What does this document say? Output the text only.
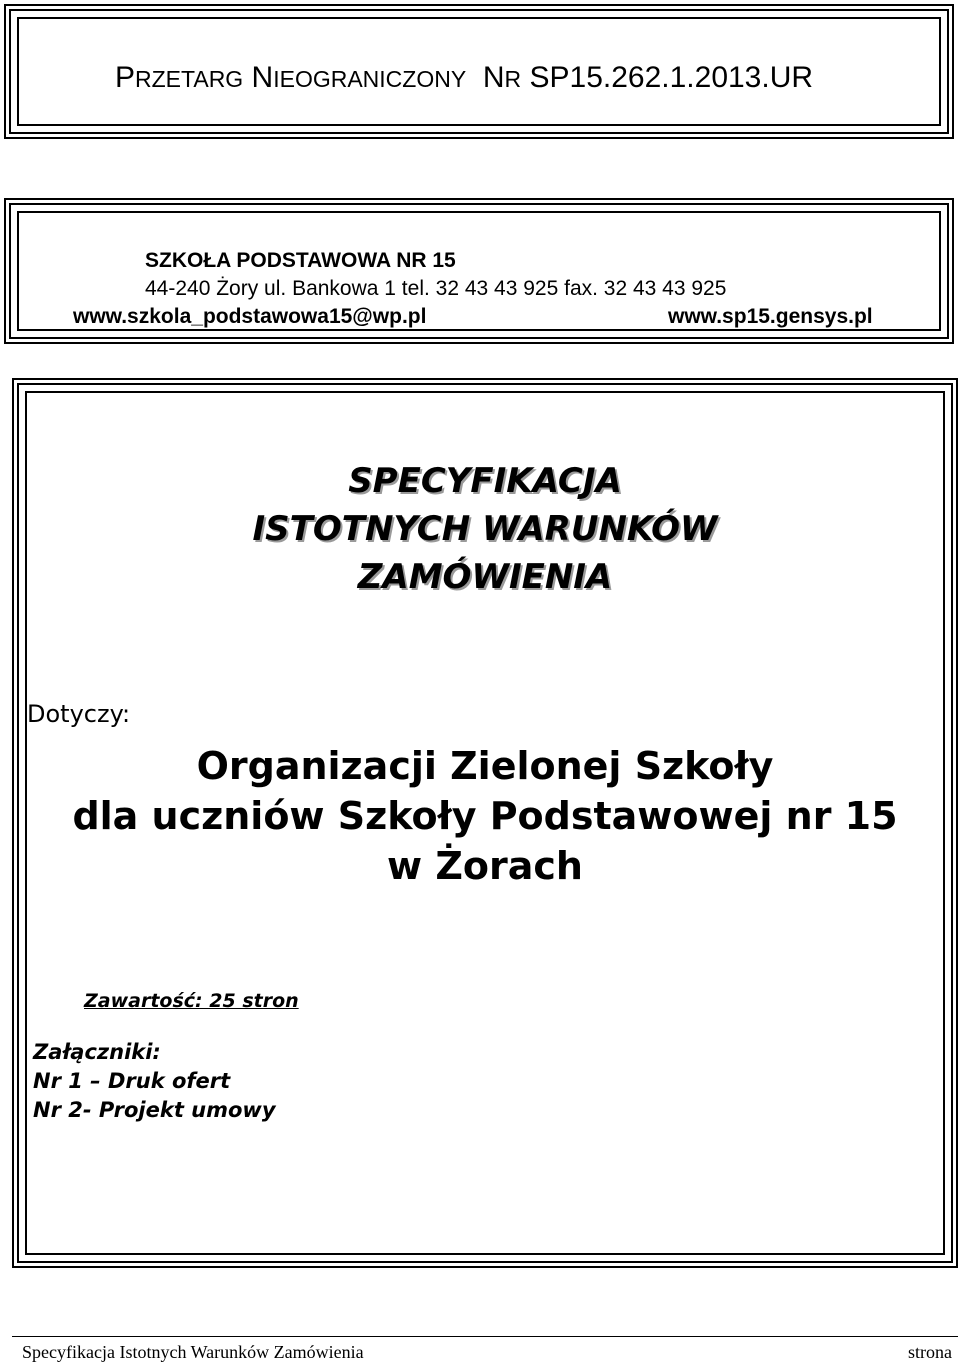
PRZETARG NIEOGRANICZONY NR SP15.262.1.2013.UR
SZKOŁA PODSTAWOWA NR 15
44-240 Żory ul. Bankowa 1 tel. 32 43 43 925 fax. 32 43 43 925
www.szkola_podstawowa15@wp.pl	www.sp15.gensys.pl
SPECYFIKACJA
ISTOTNYCH WARUNKÓW
ZAMÓWIENIA
Dotyczy:
Organizacji Zielonej Szkoły
dla uczniów Szkoły Podstawowej nr 15
w Żorach
Zawartość: 25 stron
Załączniki:
Nr 1 – Druk ofert
Nr 2- Projekt umowy
Specyfikacja Istotnych Warunków Zamówienia	strona
